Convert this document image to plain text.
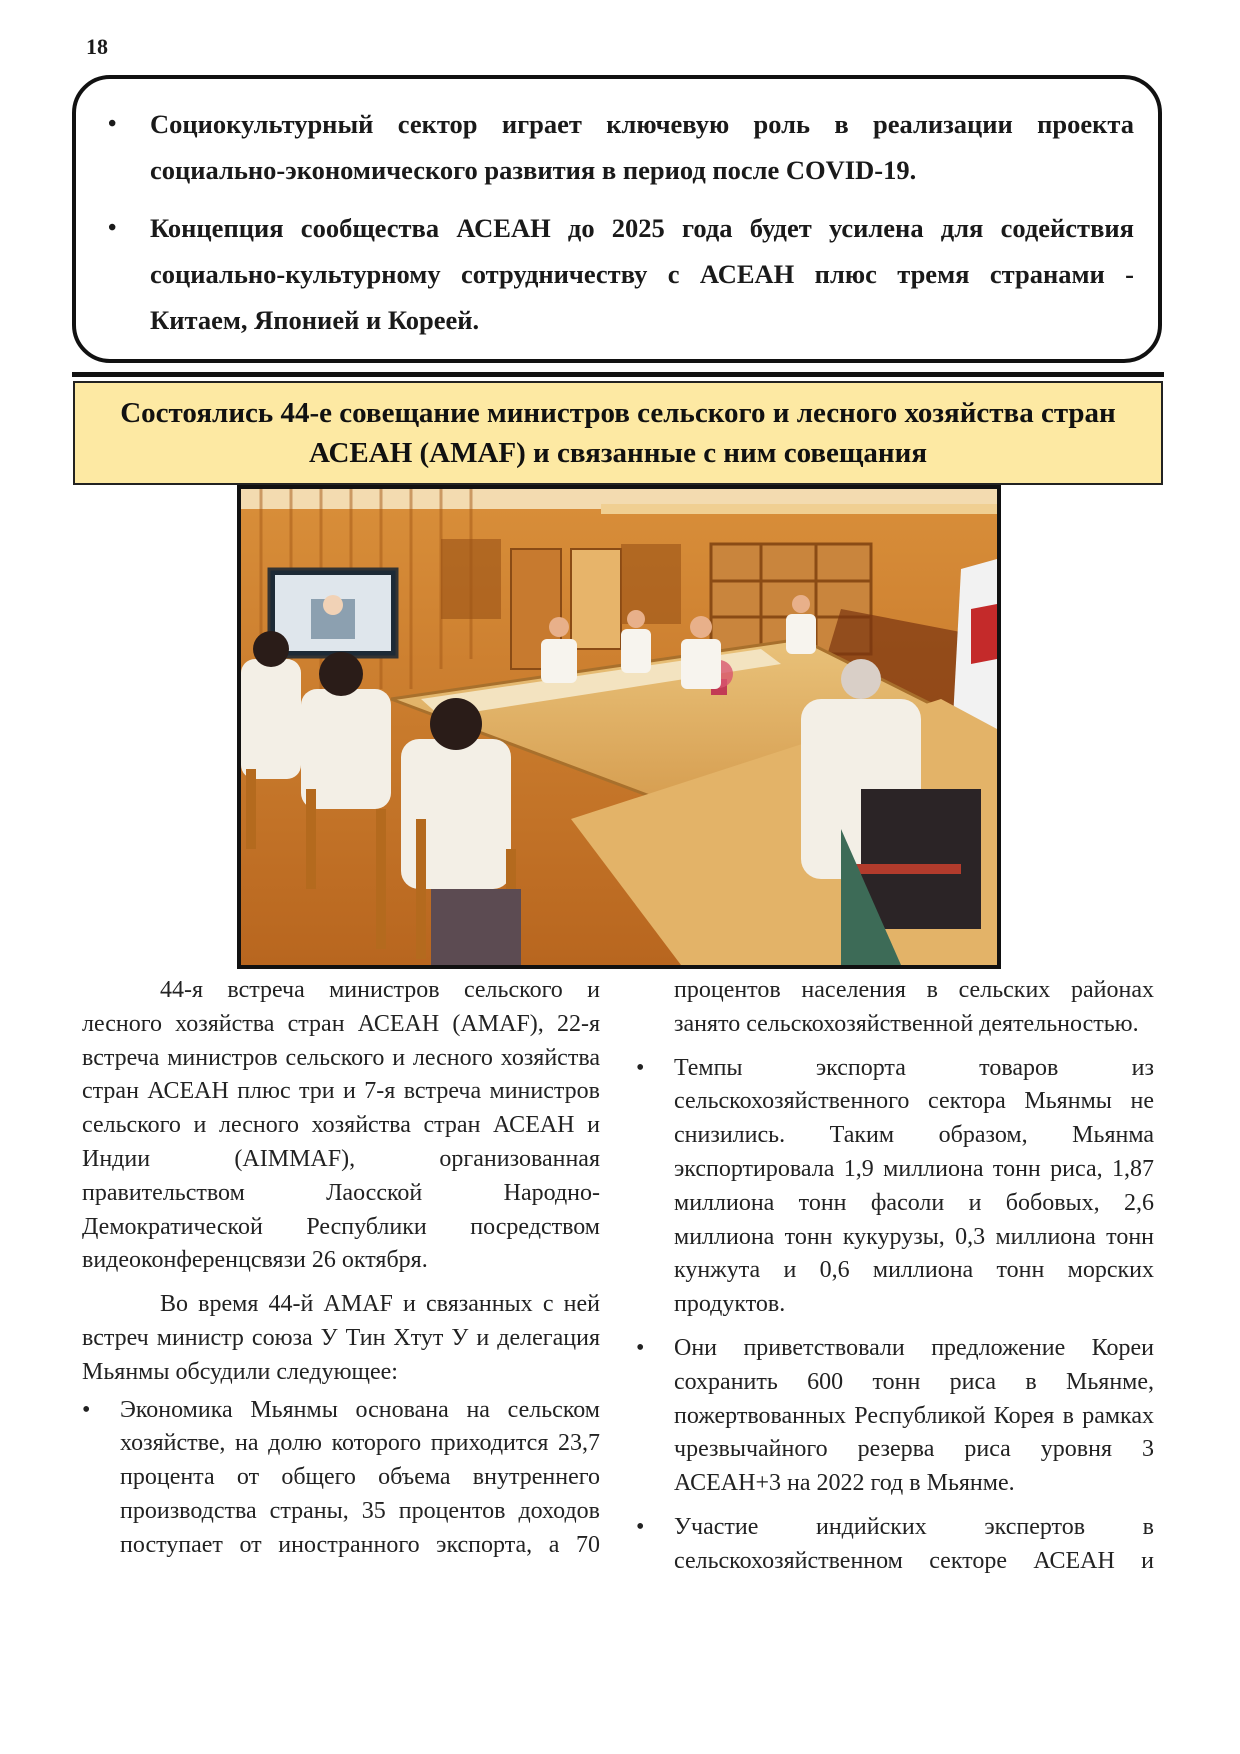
18
• Социокультурный сектор играет ключевую роль в реализации проекта социально-экономического развития в период после COVID-19.
• Концепция сообщества АСЕАН до 2025 года будет усилена для содействия социально-культурному сотрудничеству с АСЕАН плюс тремя странами - Китаем, Японией и Кореей.
Состоялись 44-е совещание министров сельского и лесного хозяйства стран АСЕАН (AMAF) и связанные с ним совещания

44-я встреча министров сельского и лесного хозяйства стран АСЕАН (AMAF), 22-я встреча министров сельского и лесного хозяйства стран АСЕАН плюс три и 7-я встреча министров сельского и лесного хозяйства стран АСЕАН и Индии (AIMMAF), организованная правительством Лаосской Народно-Демократической Республики посредством видеоконференцсвязи 26 октября.

Во время 44-й AMAF и связанных с ней встреч министр союза У Тин Хтут У и делегация Мьянмы обсудили следующее:

• Экономика Мьянмы основана на сельском хозяйстве, на долю которого приходится 23,7 процента от общего объема внутреннего производства страны, 35 процентов доходов поступает от иностранного экспорта, а 70

процентов населения в сельских районах занято сельскохозяйственной деятельностью.

• Темпы экспорта товаров из сельскохозяйственного сектора Мьянмы не снизились. Таким образом, Мьянма экспортировала 1,9 миллиона тонн риса, 1,87 миллиона тонн фасоли и бобовых, 2,6 миллиона тонн кукурузы, 0,3 миллиона тонн кунжута и 0,6 миллиона тонн морских продуктов.
• Они приветствовали предложение Кореи сохранить 600 тонн риса в Мьянме, пожертвованных Республикой Корея в рамках чрезвычайного резерва риса уровня 3 АСЕАН+3 на 2022 год в Мьянме.
• Участие индийских экспертов в сельскохозяйственном секторе АСЕАН и
